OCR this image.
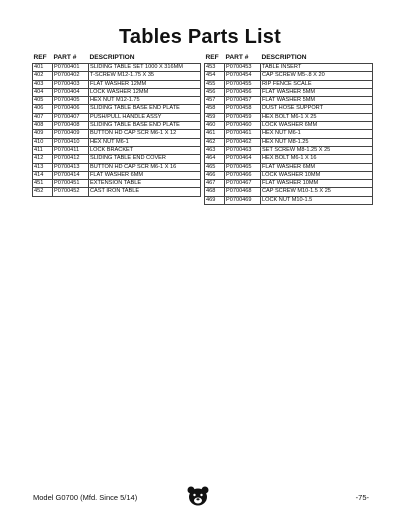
Tables Parts List
REF	PART #	DESCRIPTION
401	P0700401	SLIDING TABLE SET 1000 X 316MM
402	P0700402	T-SCREW M12-1.75 X 35
403	P0700403	FLAT WASHER 12MM
404	P0700404	LOCK WASHER 12MM
405	P0700405	HEX NUT M12-1.75
406	P0700406	SLIDING TABLE BASE END PLATE
407	P0700407	PUSH/PULL HANDLE ASSY
408	P0700408	SLIDING TABLE BASE END PLATE
409	P0700409	BUTTON HD CAP SCR M6-1 X 12
410	P0700410	HEX NUT M6-1
411	P0700411	LOCK BRACKET
412	P0700412	SLIDING TABLE END COVER
413	P0700413	BUTTON HD CAP SCR M6-1 X 16
414	P0700414	FLAT WASHER 6MM
451	P0700451	EXTENSION TABLE
452	P0700452	CAST IRON TABLE
REF	PART #	DESCRIPTION
453	P0700453	TABLE INSERT
454	P0700454	CAP SCREW M5-.8 X 20
455	P0700455	RIP FENCE SCALE
456	P0700456	FLAT WASHER 5MM
457	P0700457	FLAT WASHER 5MM
458	P0700458	DUST HOSE SUPPORT
459	P0700459	HEX BOLT M6-1 X 25
460	P0700460	LOCK WASHER 6MM
461	P0700461	HEX NUT M6-1
462	P0700462	HEX NUT M8-1.25
463	P0700463	SET SCREW M8-1.25 X 25
464	P0700464	HEX BOLT M6-1 X 16
465	P0700465	FLAT WASHER 6MM
466	P0700466	LOCK WASHER 10MM
467	P0700467	FLAT WASHER 10MM
468	P0700468	CAP SCREW M10-1.5 X 25
469	P0700469	LOCK NUT M10-1.5
Model G0700 (Mfd. Since 5/14)	-75-
